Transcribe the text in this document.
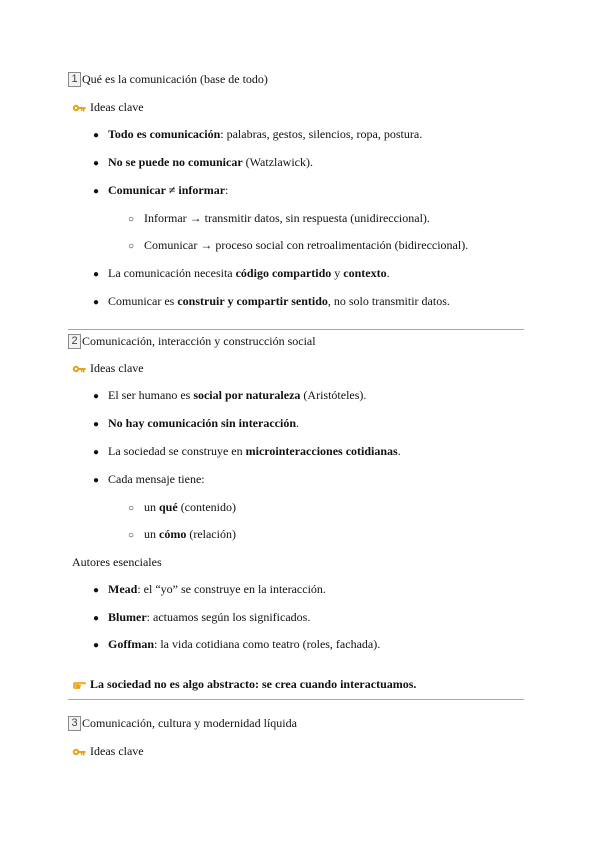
1 Qué es la comunicación (base de todo)
Ideas clave
● Todo es comunicación: palabras, gestos, silencios, ropa, postura.
● No se puede no comunicar (Watzlawick).
● Comunicar ≠ informar:
○ Informar → transmitir datos, sin respuesta (unidireccional).
○ Comunicar → proceso social con retroalimentación (bidireccional).
● La comunicación necesita código compartido y contexto.
● Comunicar es construir y compartir sentido, no solo transmitir datos.
2 Comunicación, interacción y construcción social
Ideas clave
● El ser humano es social por naturaleza (Aristóteles).
● No hay comunicación sin interacción.
● La sociedad se construye en microinteracciones cotidianas.
● Cada mensaje tiene:
○ un qué (contenido)
○ un cómo (relación)
Autores esenciales
● Mead: el “yo” se construye en la interacción.
● Blumer: actuamos según los significados.
● Goffman: la vida cotidiana como teatro (roles, fachada).
La sociedad no es algo abstracto: se crea cuando interactuamos.
3 Comunicación, cultura y modernidad líquida
Ideas clave
